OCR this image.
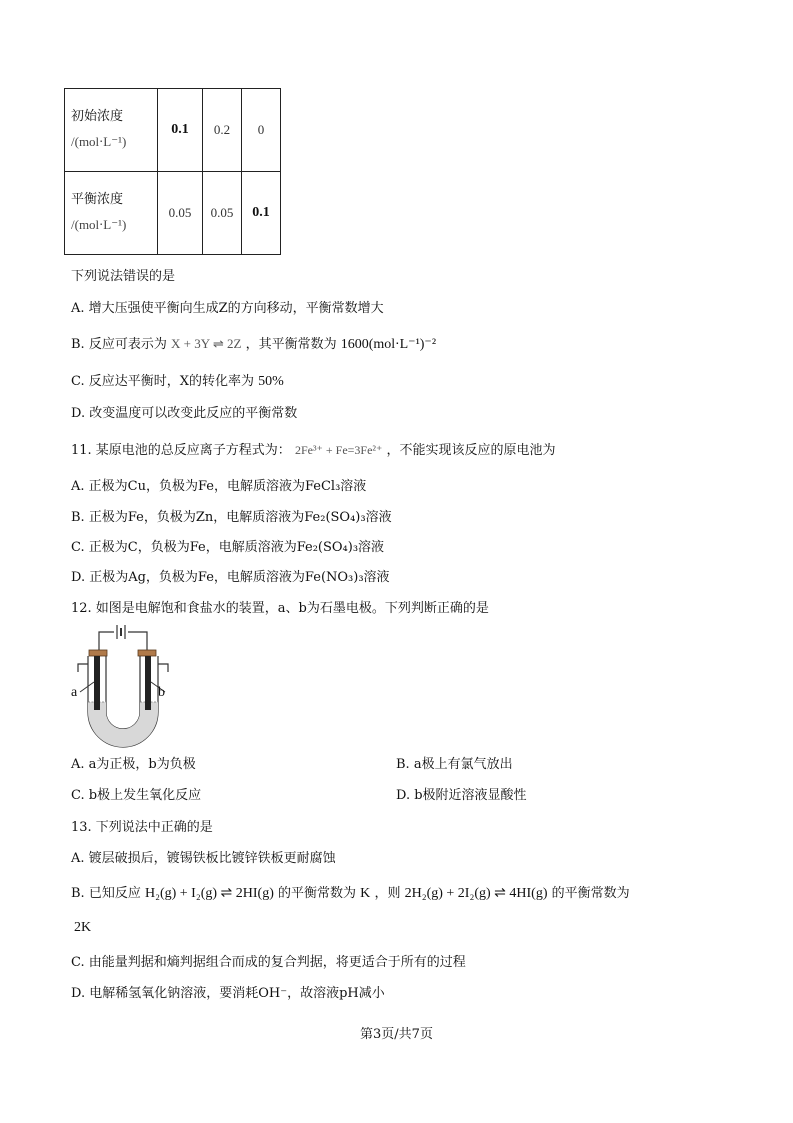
初始浓度
/(mol⋅L⁻¹)	0.1	0.2	0

平衡浓度
/(mol⋅L⁻¹)	0.05	0.05	0.1
下列说法错误的是
A. 增大压强使平衡向生成Z的方向移动，平衡常数增大
B. 反应可表示为 X + 3Y ⇌ 2Z ，其平衡常数为 1600(mol⋅L⁻¹)⁻²
C. 反应达平衡时，X的转化率为 50%
D. 改变温度可以改变此反应的平衡常数
11. 某原电池的总反应离子方程式为： 2Fe³⁺ + Fe=3Fe²⁺ ，不能实现该反应的原电池为
A. 正极为Cu，负极为Fe，电解质溶液为FeCl₃溶液
B. 正极为Fe，负极为Zn，电解质溶液为Fe₂(SO₄)₃溶液
C. 正极为C，负极为Fe，电解质溶液为Fe₂(SO₄)₃溶液
D. 正极为Ag，负极为Fe，电解质溶液为Fe(NO₃)₃溶液
12. 如图是电解饱和食盐水的装置，a、b为石墨电极。下列判断正确的是
a	b
A. a为正极，b为负极	B. a极上有氯气放出
C. b极上发生氧化反应	D. b极附近溶液显酸性
13. 下列说法中正确的是
A. 镀层破损后，镀锡铁板比镀锌铁板更耐腐蚀
B. 已知反应 H₂(g) + I₂(g) ⇌ 2HI(g) 的平衡常数为 K ，则 2H₂(g) + 2I₂(g) ⇌ 4HI(g) 的平衡常数为
2K
C. 由能量判据和熵判据组合而成的复合判据，将更适合于所有的过程
D. 电解稀氢氧化钠溶液，要消耗OH⁻，故溶液pH减小
第3页/共7页
